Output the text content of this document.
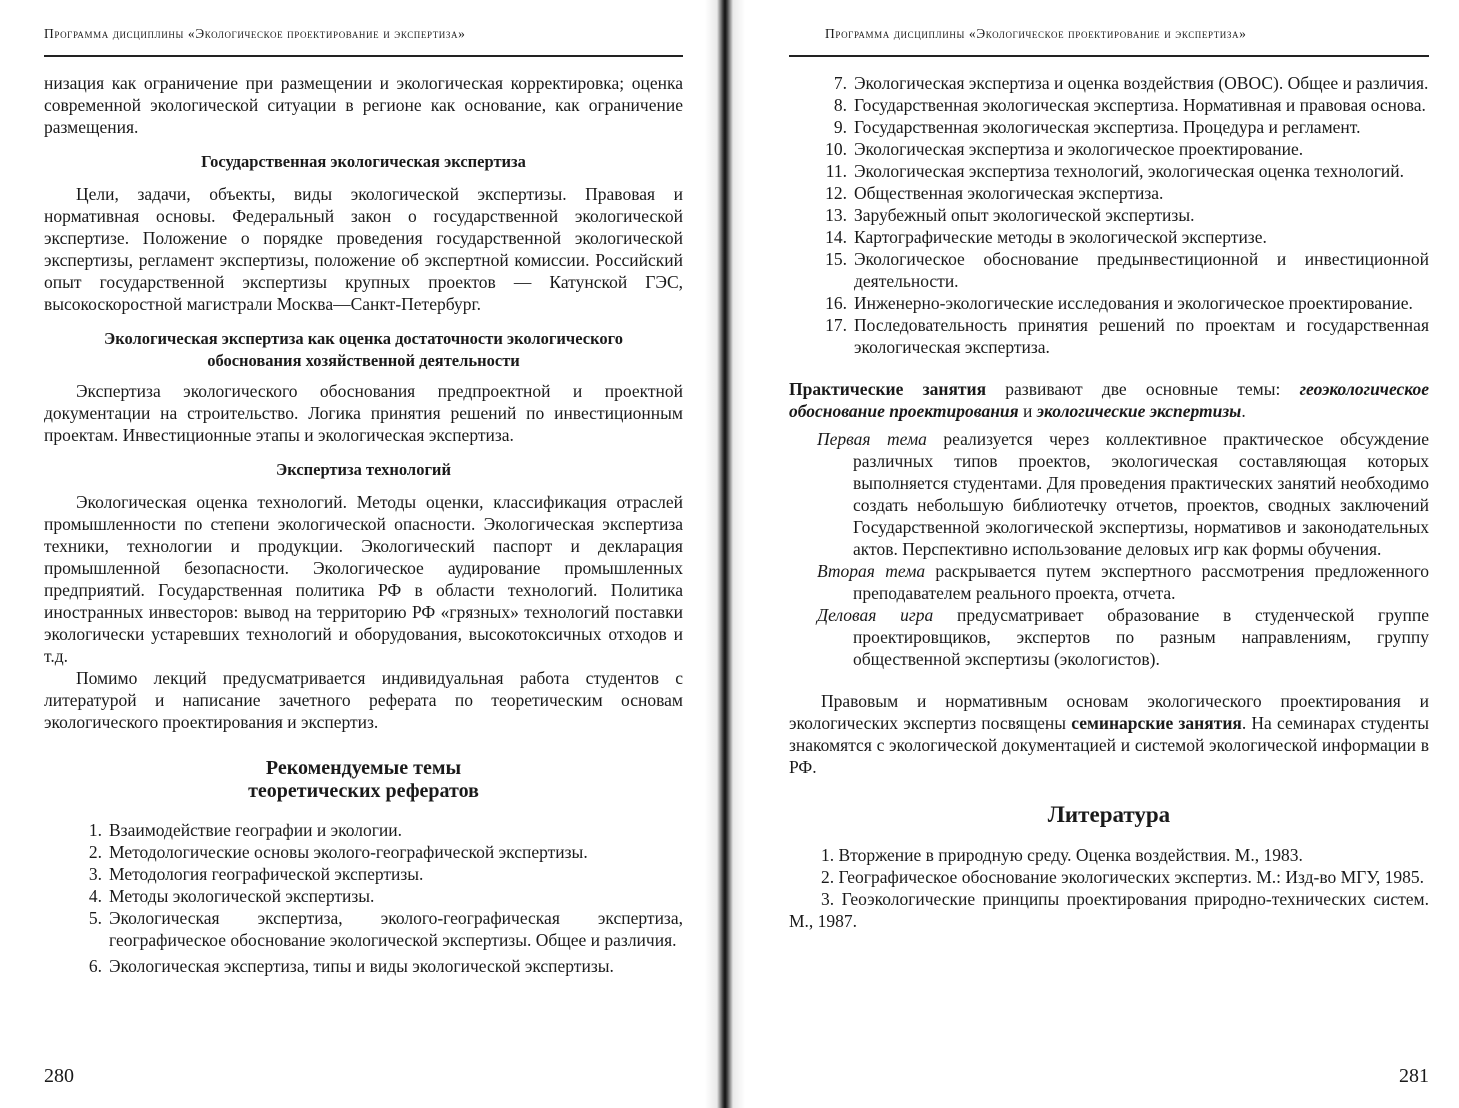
Программа дисциплины «Экологическое проектирование и экспертиза»

низация как ограничение при размещении и экологическая корректировка; оценка современной экологической ситуации в регионе как основание, как ограничение размещения.

Государственная экологическая экспертиза

Цели, задачи, объекты, виды экологической экспертизы. Правовая и нормативная основы. Федеральный закон о государственной экологической экспертизе. Положение о порядке проведения государственной экологической экспертизы, регламент экспертизы, положение об экспертной комиссии. Российский опыт государственной экспертизы крупных проектов — Катунской ГЭС, высокоскоростной магистрали Москва—Санкт-Петербург.

Экологическая экспертиза как оценка достаточности экологического обоснования хозяйственной деятельности

Экспертиза экологического обоснования предпроектной и проектной документации на строительство. Логика принятия решений по инвестиционным проектам. Инвестиционные этапы и экологическая экспертиза.

Экспертиза технологий

Экологическая оценка технологий. Методы оценки, классификация отраслей промышленности по степени экологической опасности. Экологическая экспертиза техники, технологии и продукции. Экологический паспорт и декларация промышленной безопасности. Экологическое аудирование промышленных предприятий. Государственная политика РФ в области технологий. Политика иностранных инвесторов: вывод на территорию РФ «грязных» технологий поставки экологически устаревших технологий и оборудования, высокотоксичных отходов и т.д.

Помимо лекций предусматривается индивидуальная работа студентов с литературой и написание зачетного реферата по теоретическим основам экологического проектирования и экспертиз.

Рекомендуемые темы
теоретических рефератов
1. Взаимодействие географии и экологии.
2. Методологические основы эколого-географической экспертизы.
3. Методология географической экспертизы.
4. Методы экологической экспертизы.
5. Экологическая экспертиза, эколого-географическая экспертиза, географическое обоснование экологической экспертизы. Общее и различия.
6. Экологическая экспертиза, типы и виды экологической экспертизы.
280
Программа дисциплины «Экологическое проектирование и экспертиза»
7. Экологическая экспертиза и оценка воздействия (ОВОС). Общее и различия.
8. Государственная экологическая экспертиза. Нормативная и правовая основа.
9. Государственная экологическая экспертиза. Процедура и регламент.
10. Экологическая экспертиза и экологическое проектирование.
11. Экологическая экспертиза технологий, экологическая оценка технологий.
12. Общественная экологическая экспертиза.
13. Зарубежный опыт экологической экспертизы.
14. Картографические методы в экологической экспертизе.
15. Экологическое обоснование предынвестиционной и инвестиционной деятельности.
16. Инженерно-экологические исследования и экологическое проектирование.
17. Последовательность принятия решений по проектам и государственная экологическая экспертиза.

Практические занятия развивают две основные темы: геоэкологическое обоснование проектирования и экологические экспертизы.

Первая тема реализуется через коллективное практическое обсуждение различных типов проектов, экологическая составляющая которых выполняется студентами. Для проведения практических занятий необходимо создать небольшую библиотечку отчетов, проектов, сводных заключений Государственной экологической экспертизы, нормативов и законодательных актов. Перспективно использование деловых игр как формы обучения.

Вторая тема раскрывается путем экспертного рассмотрения предложенного преподавателем реального проекта, отчета.

Деловая игра предусматривает образование в студенческой группе проектировщиков, экспертов по разным направлениям, группу общественной экспертизы (экологистов).

Правовым и нормативным основам экологического проектирования и экологических экспертиз посвящены семинарские занятия. На семинарах студенты знакомятся с экологической документацией и системой экологической информации в РФ.

Литература

1. Вторжение в природную среду. Оценка воздействия. М., 1983.

2. Географическое обоснование экологических экспертиз. М.: Изд-во МГУ, 1985.

3. Геоэкологические принципы проектирования природно-технических систем. М., 1987.

281
